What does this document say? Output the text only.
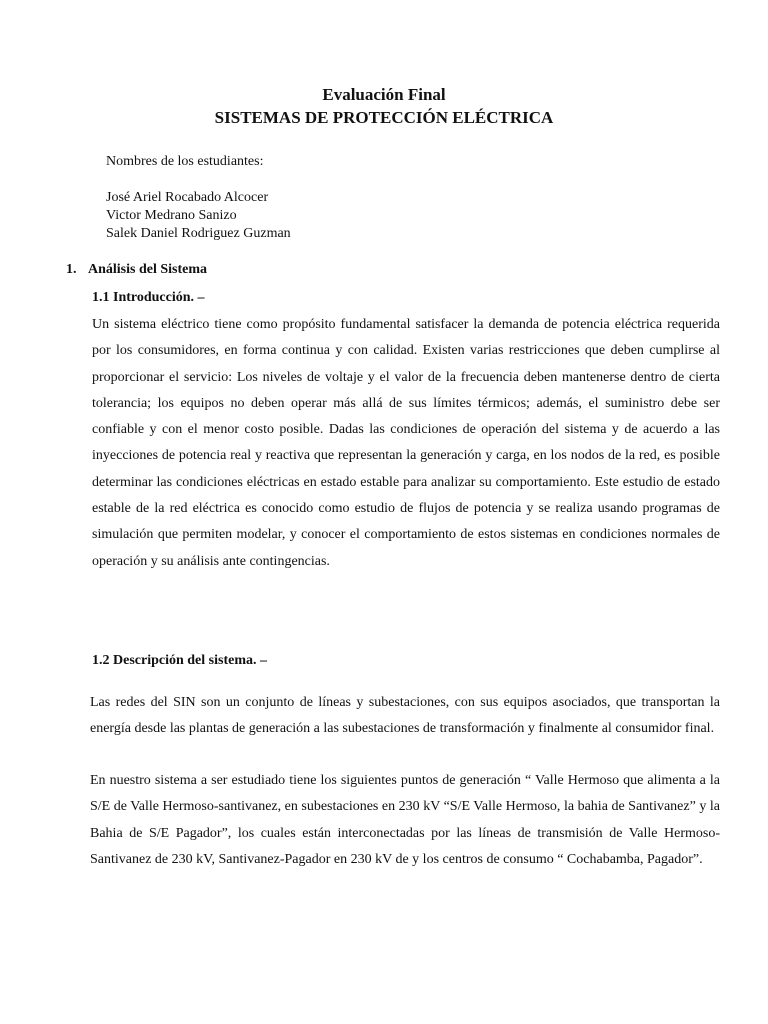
Evaluación Final
SISTEMAS DE PROTECCIÓN ELÉCTRICA
Nombres de los estudiantes:
José Ariel Rocabado Alcocer
Victor Medrano Sanizo
Salek Daniel Rodriguez Guzman
1. Análisis del Sistema
1.1 Introducción. –
Un sistema eléctrico tiene como propósito fundamental satisfacer la demanda de potencia eléctrica requerida por los consumidores, en forma continua y con calidad. Existen varias restricciones que deben cumplirse al proporcionar el servicio: Los niveles de voltaje y el valor de la frecuencia deben mantenerse dentro de cierta tolerancia; los equipos no deben operar más allá de sus límites térmicos; además, el suministro debe ser confiable y con el menor costo posible. Dadas las condiciones de operación del sistema y de acuerdo a las inyecciones de potencia real y reactiva que representan la generación y carga, en los nodos de la red, es posible determinar las condiciones eléctricas en estado estable para analizar su comportamiento. Este estudio de estado estable de la red eléctrica es conocido como estudio de flujos de potencia y se realiza usando programas de simulación que permiten modelar, y conocer el comportamiento de estos sistemas en condiciones normales de operación y su análisis ante contingencias.
1.2 Descripción del sistema. –
Las redes del SIN son un conjunto de líneas y subestaciones, con sus equipos asociados, que transportan la energía desde las plantas de generación a las subestaciones de transformación y finalmente al consumidor final.
En nuestro sistema a ser estudiado tiene los siguientes puntos de generación “ Valle Hermoso que alimenta a la S/E de Valle Hermoso-santivanez, en subestaciones en 230 kV “S/E Valle Hermoso, la bahia de Santivanez” y la Bahia de S/E Pagador”, los cuales están interconectadas por las líneas de transmisión de Valle Hermoso-Santivanez de 230 kV, Santivanez-Pagador en 230 kV de y los centros de consumo “ Cochabamba, Pagador”.
